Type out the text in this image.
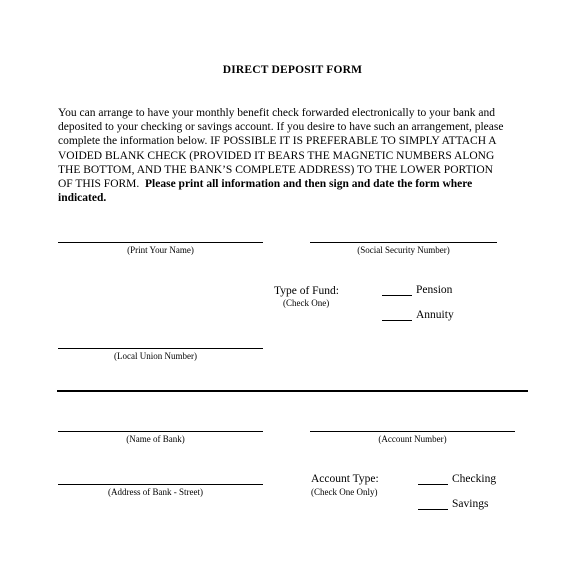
DIRECT DEPOSIT FORM

You can arrange to have your monthly benefit check forwarded electronically to your bank and

deposited to your checking or savings account. If you desire to have such an arrangement, please

complete the information below. IF POSSIBLE IT IS PREFERABLE TO SIMPLY ATTACH A

VOIDED BLANK CHECK (PROVIDED IT BEARS THE MAGNETIC NUMBERS ALONG

THE BOTTOM, AND THE BANK’S COMPLETE ADDRESS) TO THE LOWER PORTION

OF THIS FORM. Please print all information and then sign and date the form where

indicated.

(Print Your Name)	(Social Security Number)
Type of Fund:
(Check One)
Pension
Annuity
(Local Union Number)
(Name of Bank)	(Account Number)
(Address of Bank - Street)
Account Type:
(Check One Only)
Checking
Savings
